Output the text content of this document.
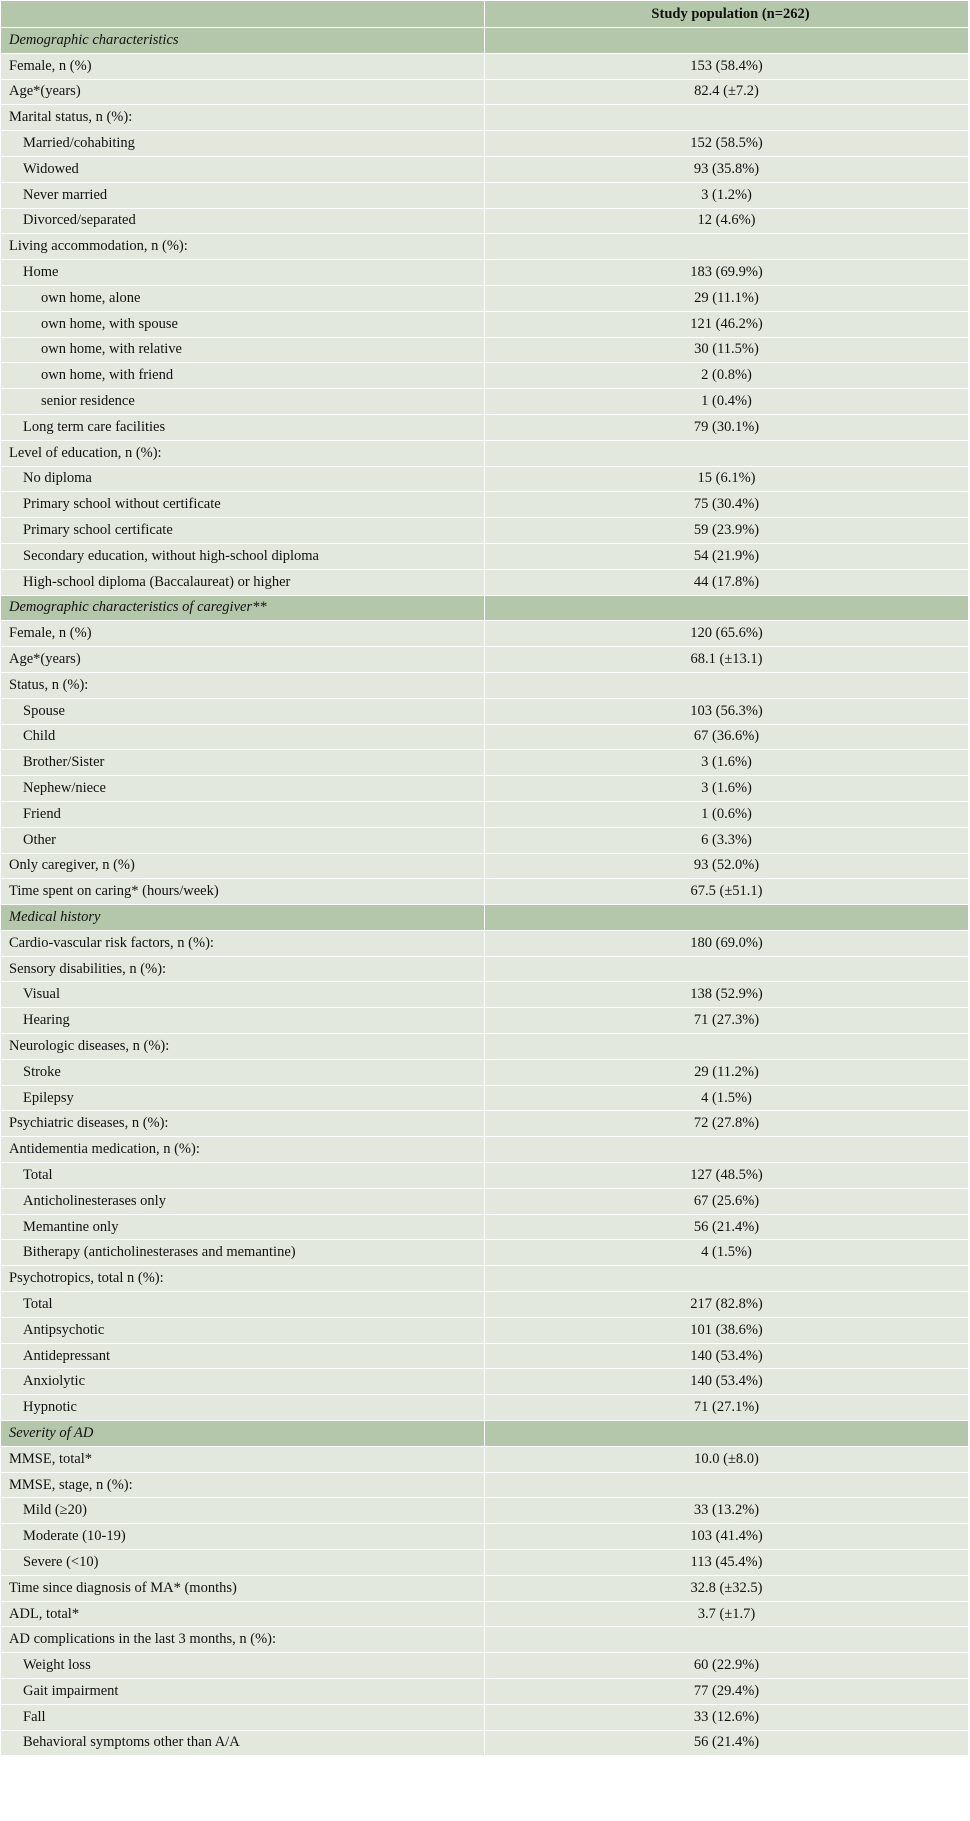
	Study population (n=262)
Demographic characteristics	
Female, n (%)	153 (58.4%)
Age*(years)	82.4 (±7.2)
Marital status, n (%):	
Married/cohabiting	152 (58.5%)
Widowed	93 (35.8%)
Never married	3 (1.2%)
Divorced/separated	12 (4.6%)
Living accommodation, n (%):	
Home	183 (69.9%)
own home, alone	29 (11.1%)
own home, with spouse	121 (46.2%)
own home, with relative	30 (11.5%)
own home, with friend	2 (0.8%)
senior residence	1 (0.4%)
Long term care facilities	79 (30.1%)
Level of education, n (%):	
No diploma	15 (6.1%)
Primary school without certificate	75 (30.4%)
Primary school certificate	59 (23.9%)
Secondary education, without high-school diploma	54 (21.9%)
High-school diploma (Baccalaureat) or higher	44 (17.8%)
Demographic characteristics of caregiver**	
Female, n (%)	120 (65.6%)
Age*(years)	68.1 (±13.1)
Status, n (%):	
Spouse	103 (56.3%)
Child	67 (36.6%)
Brother/Sister	3 (1.6%)
Nephew/niece	3 (1.6%)
Friend	1 (0.6%)
Other	6 (3.3%)
Only caregiver, n (%)	93 (52.0%)
Time spent on caring* (hours/week)	67.5 (±51.1)
Medical history	
Cardio-vascular risk factors, n (%):	180 (69.0%)
Sensory disabilities, n (%):	
Visual	138 (52.9%)
Hearing	71 (27.3%)
Neurologic diseases, n (%):	
Stroke	29 (11.2%)
Epilepsy	4 (1.5%)
Psychiatric diseases, n (%):	72 (27.8%)
Antidementia medication, n (%):	
Total	127 (48.5%)
Anticholinesterases only	67 (25.6%)
Memantine only	56 (21.4%)
Bitherapy (anticholinesterases and memantine)	4 (1.5%)
Psychotropics, total n (%):	
Total	217 (82.8%)
Antipsychotic	101 (38.6%)
Antidepressant	140 (53.4%)
Anxiolytic	140 (53.4%)
Hypnotic	71 (27.1%)
Severity of AD	
MMSE, total*	10.0 (±8.0)
MMSE, stage, n (%):	
Mild (≥20)	33 (13.2%)
Moderate (10-19)	103 (41.4%)
Severe (<10)	113 (45.4%)
Time since diagnosis of MA* (months)	32.8 (±32.5)
ADL, total*	3.7 (±1.7)
AD complications in the last 3 months, n (%):	
Weight loss	60 (22.9%)
Gait impairment	77 (29.4%)
Fall	33 (12.6%)
Behavioral symptoms other than A/A	56 (21.4%)
